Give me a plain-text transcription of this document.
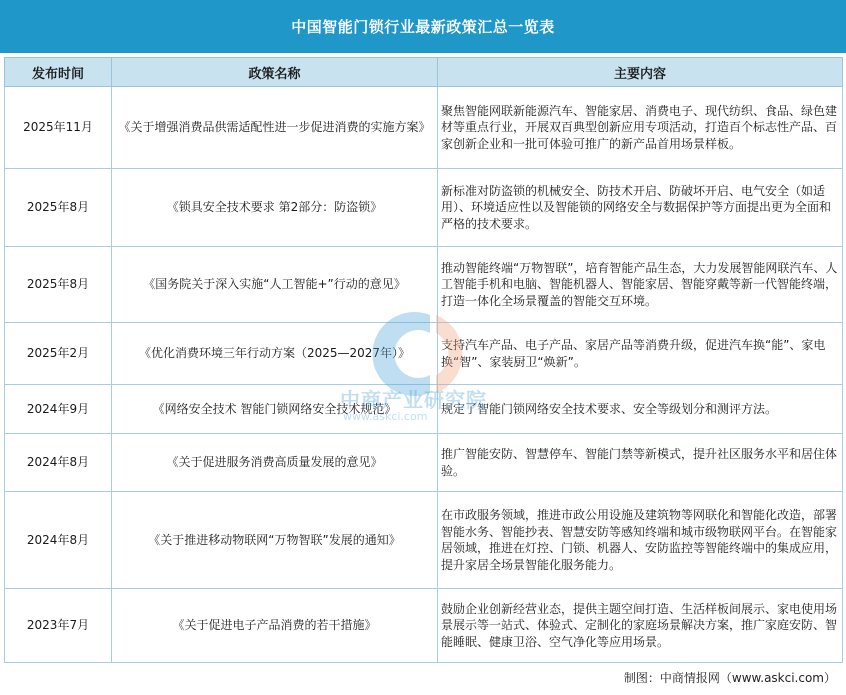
中国智能门锁行业最新政策汇总一览表
发布时间	政策名称	主要内容
2025年11月	《关于增强消费品供需适配性进一步促进消费的实施方案》	聚焦智能网联新能源汽车、智能家居、消费电子、现代纺织、食品、绿色建材等重点行业，开展双百典型创新应用专项活动，打造百个标志性产品、百家创新企业和一批可体验可推广的新产品首用场景样板。
2025年8月	《锁具安全技术要求 第2部分：防盗锁》	新标准对防盗锁的机械安全、防技术开启、防破坏开启、电气安全（如适用）、环境适应性以及智能锁的网络安全与数据保护等方面提出更为全面和严格的技术要求。
2025年8月	《国务院关于深入实施“人工智能+”行动的意见》	推动智能终端“万物智联”，培育智能产品生态，大力发展智能网联汽车、人工智能手机和电脑、智能机器人、智能家居、智能穿戴等新一代智能终端，打造一体化全场景覆盖的智能交互环境。
2025年2月	《优化消费环境三年行动方案（2025—2027年）》	支持汽车产品、电子产品、家居产品等消费升级，促进汽车换“能”、家电换“智”、家装厨卫“焕新”。
2024年9月	《网络安全技术 智能门锁网络安全技术规范》	规定了智能门锁网络安全技术要求、安全等级划分和测评方法。
2024年8月	《关于促进服务消费高质量发展的意见》	推广智能安防、智慧停车、智能门禁等新模式，提升社区服务水平和居住体验。
2024年8月	《关于推进移动物联网“万物智联”发展的通知》	在市政服务领域，推进市政公用设施及建筑物等网联化和智能化改造，部署智能水务、智能抄表、智慧安防等感知终端和城市级物联网平台。在智能家居领域，推进在灯控、门锁、机器人、安防监控等智能终端中的集成应用，提升家居全场景智能化服务能力。
2023年7月	《关于促进电子产品消费的若干措施》	鼓励企业创新经营业态，提供主题空间打造、生活样板间展示、家电使用场景展示等一站式、体验式、定制化的家庭场景解决方案，推广家庭安防、智能睡眠、健康卫浴、空气净化等应用场景。
中商产业研究院
www.askci.com
制图：中商情报网（www.askci.com）
